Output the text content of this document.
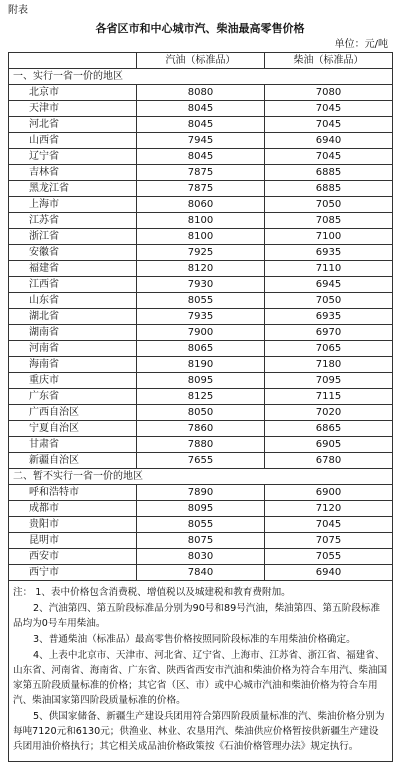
附表
各省区市和中心城市汽、柴油最高零售价格
单位：元/吨
	汽油（标准品）	柴油（标准品）
一、实行一省一价的地区		
北京市	8080	7080
天津市	8045	7045
河北省	8045	7045
山西省	7945	6940
辽宁省	8045	7045
吉林省	7875	6885
黑龙江省	7875	6885
上海市	8060	7050
江苏省	8100	7085
浙江省	8100	7100
安徽省	7925	6935
福建省	8120	7110
江西省	7930	6945
山东省	8055	7050
湖北省	7935	6935
湖南省	7900	6970
河南省	8065	7065
海南省	8190	7180
重庆市	8095	7095
广东省	8125	7115
广西自治区	8050	7020
宁夏自治区	7860	6865
甘肃省	7880	6905
新疆自治区	7655	6780
二、暂不实行一省一价的地区		
呼和浩特市	7890	6900
成都市	8095	7120
贵阳市	8055	7045
昆明市	8075	7075
西安市	8030	7055
西宁市	7840	6940

注： 1、表中价格包含消费税、增值税以及城建税和教育费附加。

2、汽油第四、第五阶段标准品分别为90号和89号汽油，柴油第四、第五阶段标准品均为0号车用柴油。

3、普通柴油（标准品）最高零售价格按照同阶段标准的车用柴油价格确定。

4、上表中北京市、天津市、河北省、辽宁省、上海市、江苏省、浙江省、福建省、山东省、河南省、海南省、广东省、陕西省西安市汽油和柴油价格为符合车用汽、柴油国家第五阶段质量标准的价格；其它省（区、市）或中心城市汽油和柴油价格为符合车用汽、柴油国家第四阶段质量标准的价格。

5、供国家储备、新疆生产建设兵团用符合第四阶段质量标准的汽、柴油价格分别为每吨7120元和6130元；供渔业、林业、农垦用汽、柴油供应价格暂按供新疆生产建设兵团用油价格执行；其它相关成品油价格政策按《石油价格管理办法》规定执行。		
